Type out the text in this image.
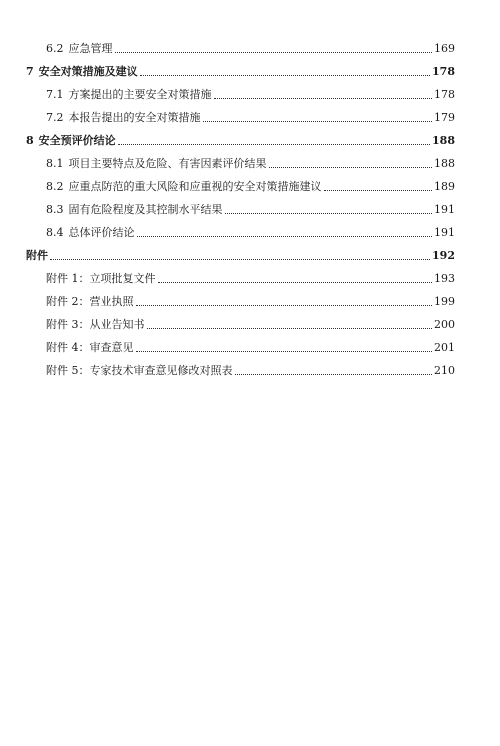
6.2 应急管理	169
7 安全对策措施及建议	178
7.1 方案提出的主要安全对策措施	178
7.2 本报告提出的安全对策措施	179
8 安全预评价结论	188
8.1 项目主要特点及危险、有害因素评价结果	188
8.2 应重点防范的重大风险和应重视的安全对策措施建议	189
8.3 固有危险程度及其控制水平结果	191
8.4 总体评价结论	191
附件	192
附件 1：立项批复文件	193
附件 2：营业执照	199
附件 3：从业告知书	200
附件 4：审查意见	201
附件 5：专家技术审查意见修改对照表	210
